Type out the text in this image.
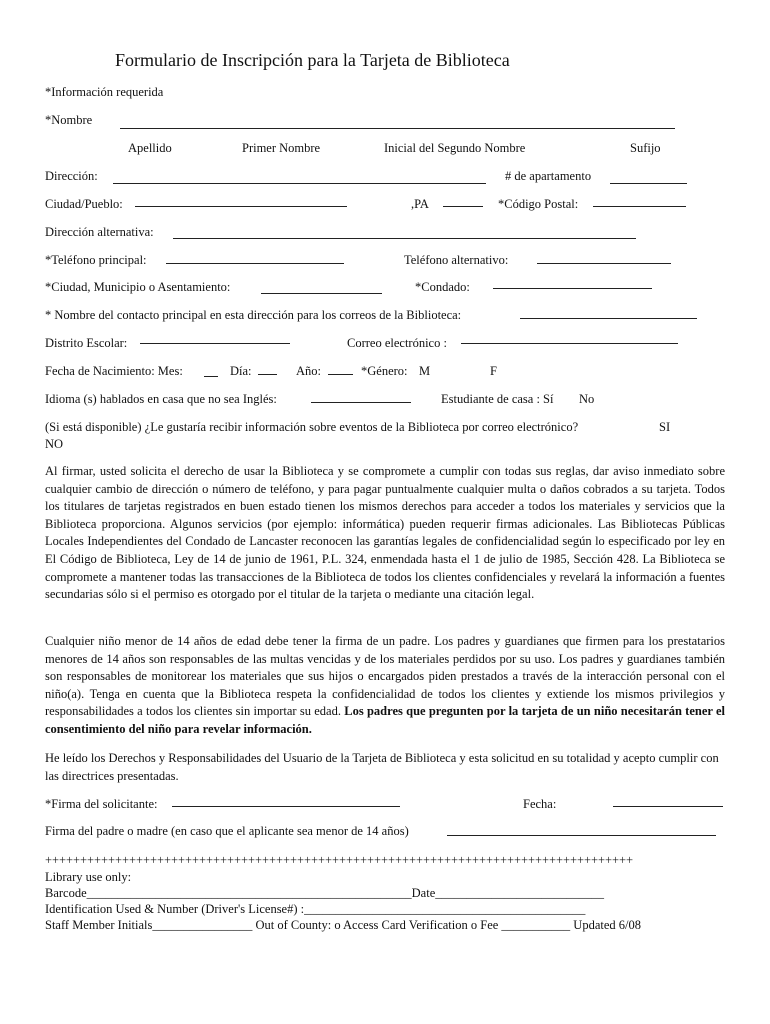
Formulario de Inscripción para la Tarjeta de Biblioteca
*Información requerida
*Nombre
Apellido	Primer Nombre	Inicial del Segundo Nombre	Sufijo
Dirección:	# de apartamento
Ciudad/Pueblo:	,PA	*Código Postal:
Dirección alternativa:
*Teléfono principal:	Teléfono alternativo:
*Ciudad, Municipio o Asentamiento:	*Condado:
* Nombre del contacto principal en esta dirección para los correos de la Biblioteca:
Distrito Escolar:	Correo electrónico :
Fecha de Nacimiento: Mes:	Día:	Año:	*Género: M	F
Idioma (s) hablados en casa que no sea Inglés:	Estudiante de casa : Sí No
(Si está disponible) ¿Le gustaría recibir información sobre eventos de la Biblioteca por correo electrónico?	SI
NO
Al firmar, usted solicita el derecho de usar la Biblioteca y se compromete a cumplir con todas sus reglas, dar aviso inmediato sobre cualquier cambio de dirección o número de teléfono, y para pagar puntualmente cualquier multa o daños cobrados a su tarjeta. Todos los titulares de tarjetas registrados en buen estado tienen los mismos derechos para acceder a todos los materiales y servicios que la Biblioteca proporciona. Algunos servicios (por ejemplo: informática) pueden requerir firmas adicionales. Las Bibliotecas Públicas Locales Independientes del Condado de Lancaster reconocen las garantías legales de confidencialidad según lo especificado por ley en El Código de Biblioteca, Ley de 14 de junio de 1961, P.L. 324, enmendada hasta el 1 de julio de 1985, Sección 428. La Biblioteca se compromete a mantener todas las transacciones de la Biblioteca de todos los clientes confidenciales y revelará la información a fuentes secundarias sólo si el permiso es otorgado por el titular de la tarjeta o mediante una citación legal.
Cualquier niño menor de 14 años de edad debe tener la firma de un padre. Los padres y guardianes que firmen para los prestatarios menores de 14 años son responsables de las multas vencidas y de los materiales perdidos por su uso. Los padres y guardianes también son responsables de monitorear los materiales que sus hijos o encargados piden prestados a través de la interacción personal con el niño(a). Tenga en cuenta que la Biblioteca respeta la confidencialidad de todos los clientes y extiende los mismos privilegios y responsabilidades a todos los clientes sin importar su edad. Los padres que pregunten por la tarjeta de un niño necesitarán tener el consentimiento del niño para revelar información.
He leído los Derechos y Responsabilidades del Usuario de la Tarjeta de Biblioteca y esta solicitud en su totalidad y acepto cumplir con las directrices presentadas.
*Firma del solicitante:	Fecha:
Firma del padre o madre (en caso que el aplicante sea menor de 14 años)
++++++++++++++++++++++++++++++++++++++++++++++++++++++++++++++++++++++++++++++++++++
Library use only:
Barcode____________________________________________________Date___________________________
Identification Used & Number (Driver's License#) :_____________________________________________
Staff Member Initials________________ Out of County: o Access Card Verification o Fee ___________ Updated 6/08
